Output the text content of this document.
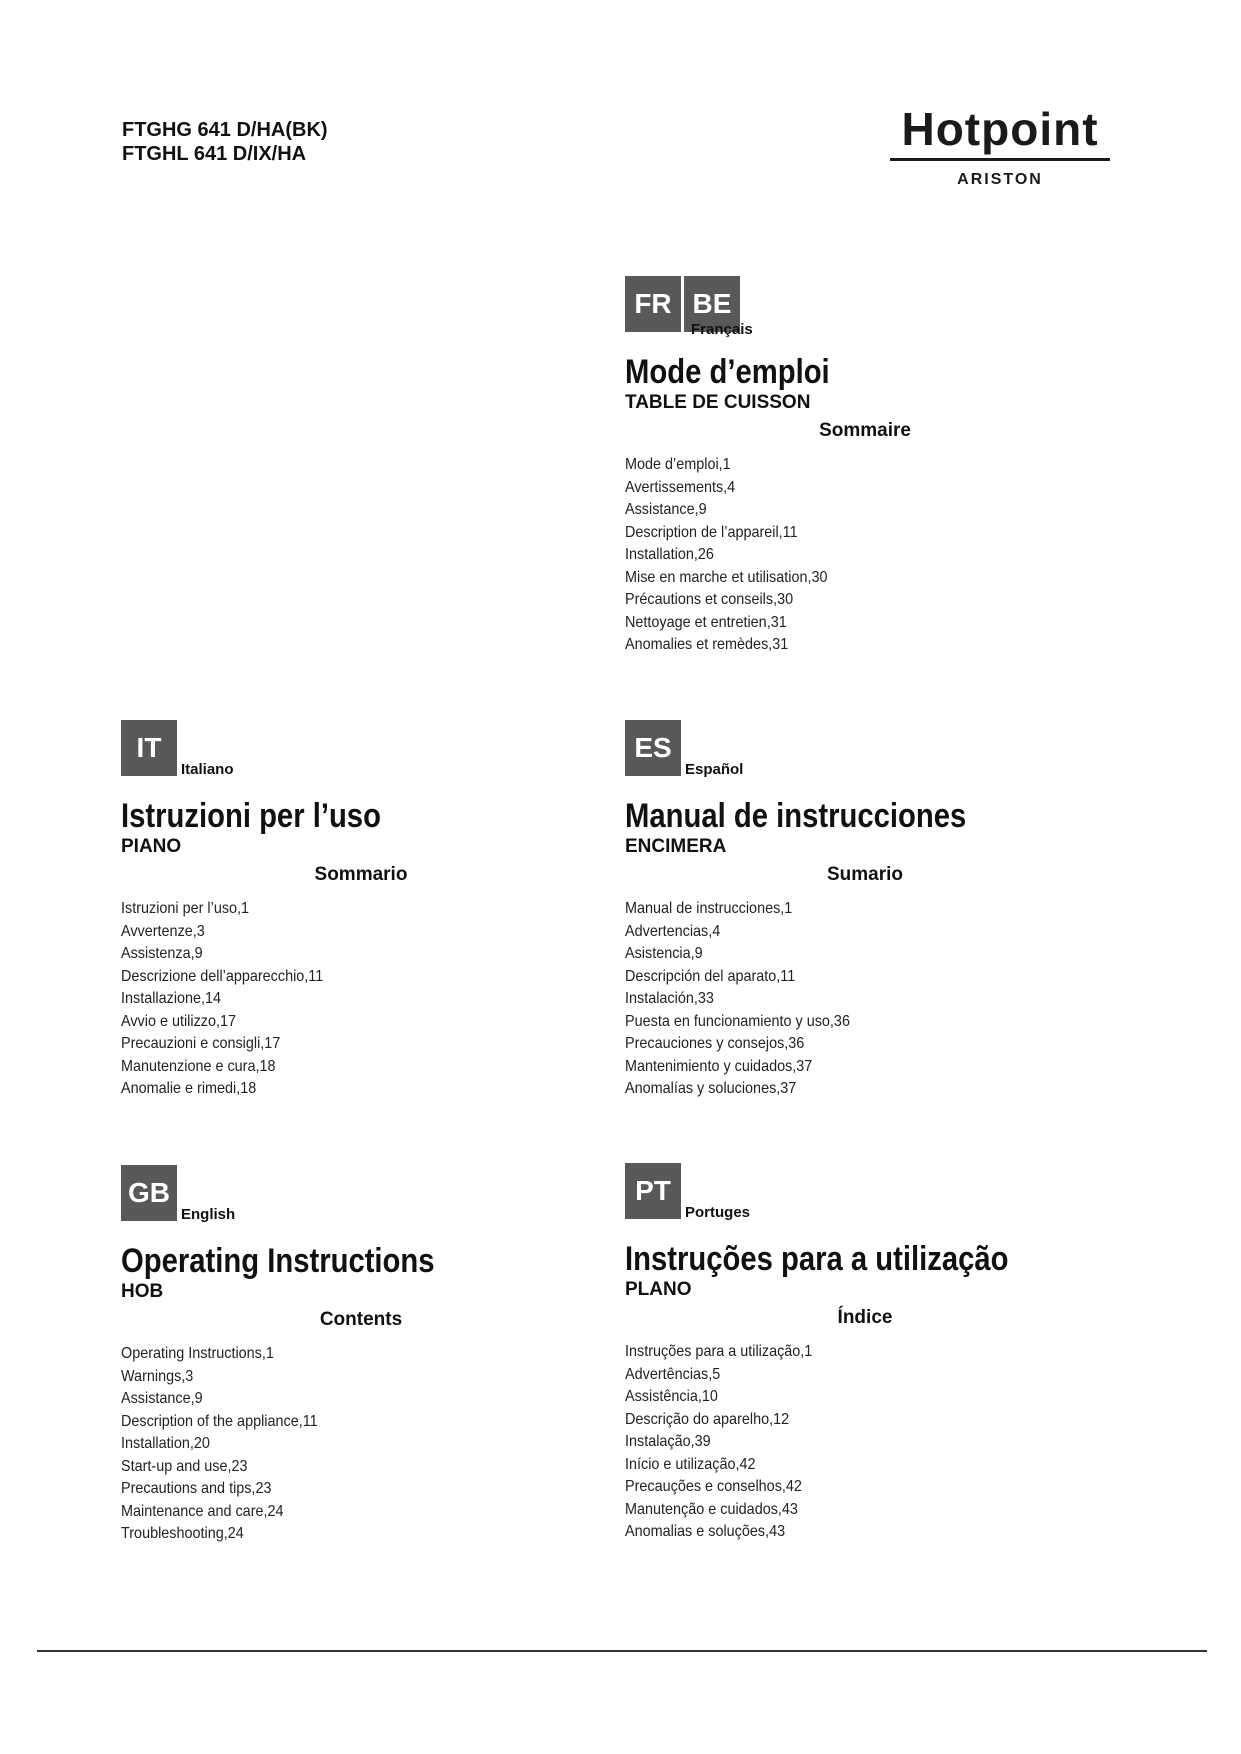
FTGHG 641 D/HA(BK)
FTGHL 641 D/IX/HA	Hotpoint
ARISTON
FR BE
Français
Mode d’emploi
TABLE DE CUISSON
Sommaire
Mode d’emploi,1
Avertissements,4
Assistance,9
Description de l’appareil,11
Installation,26
Mise en marche et utilisation,30
Précautions et conseils,30
Nettoyage et entretien,31
Anomalies et remèdes,31
IT
Italiano
Istruzioni per l’uso
PIANO
Sommario
Istruzioni per l’uso,1
Avvertenze,3
Assistenza,9
Descrizione dell’apparecchio,11
Installazione,14
Avvio e utilizzo,17
Precauzioni e consigli,17
Manutenzione e cura,18
Anomalie e rimedi,18
ES
Español
Manual de instrucciones
ENCIMERA
Sumario
Manual de instrucciones,1
Advertencias,4
Asistencia,9
Descripción del aparato,11
Instalación,33
Puesta en funcionamiento y uso,36
Precauciones y consejos,36
Mantenimiento y cuidados,37
Anomalías y soluciones,37
GB
English
Operating Instructions
HOB
Contents
Operating Instructions,1
Warnings,3
Assistance,9
Description of the appliance,11
Installation,20
Start-up and use,23
Precautions and tips,23
Maintenance and care,24
Troubleshooting,24
PT
Portuges
Instruções para a utilização
PLANO
Índice
Instruções para a utilização,1
Advertências,5
Assistência,10
Descrição do aparelho,12
Instalação,39
Início e utilização,42
Precauções e conselhos,42
Manutenção e cuidados,43
Anomalias e soluções,43
